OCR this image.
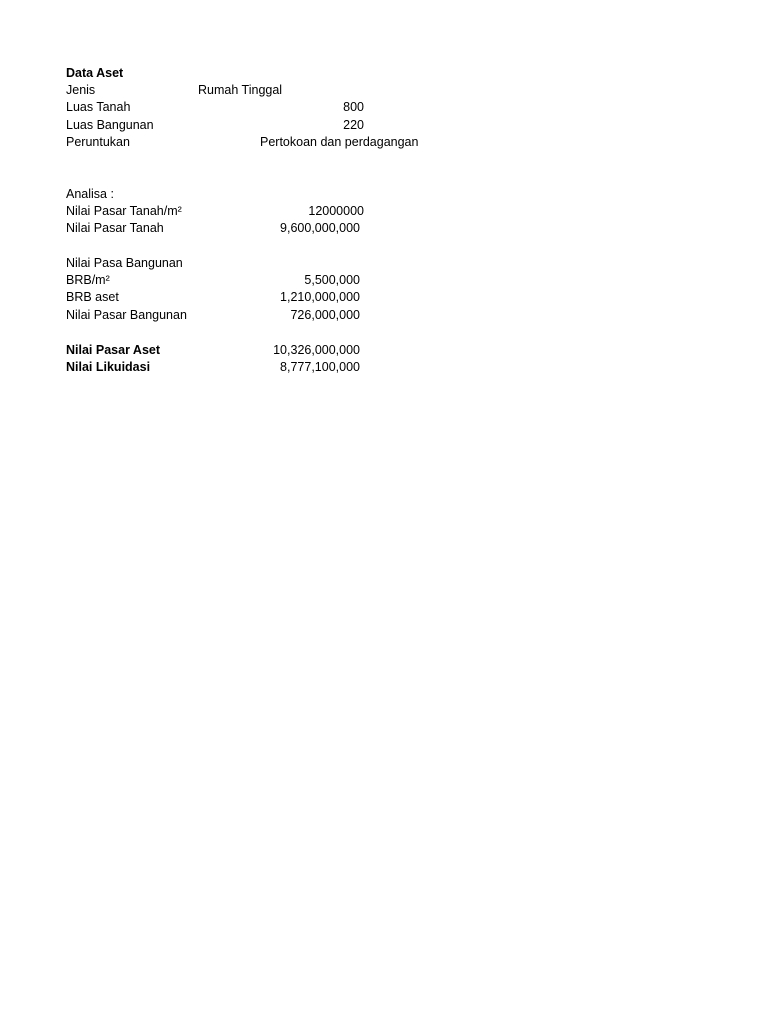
Data Aset
Jenis	Rumah Tinggal
Luas Tanah	800
Luas Bangunan	220
Peruntukan	Pertokoan dan perdagangan
Analisa :
Nilai Pasar Tanah/m²	12000000
Nilai Pasar Tanah	9,600,000,000
Nilai Pasa Bangunan
BRB/m²	5,500,000
BRB aset	1,210,000,000
Nilai Pasar Bangunan	726,000,000
Nilai Pasar Aset	10,326,000,000
Nilai Likuidasi	8,777,100,000
